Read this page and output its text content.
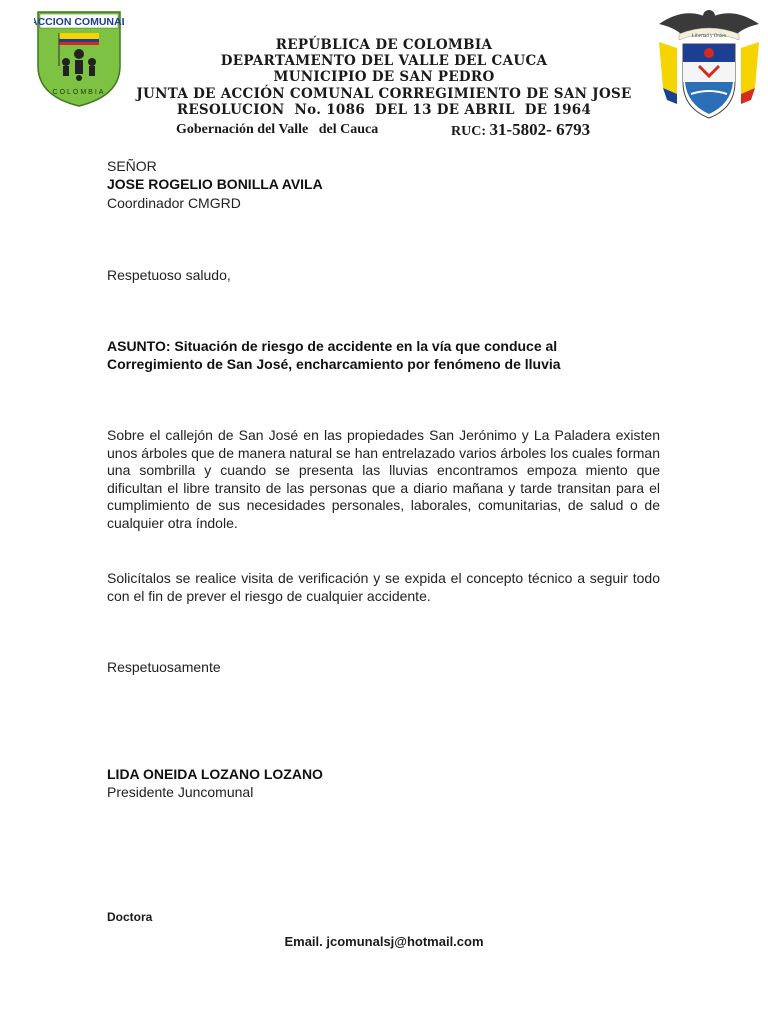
ACCION COMUNAL
COLOMBIA
Libertad y Orden
REPÚBLICA DE COLOMBIA
DEPARTAMENTO DEL VALLE DEL CAUCA
MUNICIPIO DE SAN PEDRO
JUNTA DE ACCIÓN COMUNAL CORREGIMIENTO DE SAN JOSE
RESOLUCION  No. 1086  DEL 13 DE ABRIL  DE 1964
Gobernación del Valle   del Cauca	RUC: 31-5802- 6793
SEÑOR
JOSE ROGELIO BONILLA AVILA
Coordinador CMGRD
Respetuoso saludo,
ASUNTO: Situación de riesgo de accidente en la vía que conduce al
Corregimiento de San José, encharcamiento por fenómeno de lluvia
Sobre el callejón de San José en las propiedades San Jerónimo y La Paladera existen unos árboles que de manera natural se han entrelazado varios árboles los cuales forman una sombrilla y cuando se presenta las lluvias encontramos empoza miento que dificultan el libre transito de las personas que a diario mañana y tarde transitan para el cumplimiento de sus necesidades personales, laborales, comunitarias, de salud o de cualquier otra índole.
Solicítalos se realice visita de verificación y se expida el concepto técnico a seguir todo con el fin de prever el riesgo de cualquier accidente.
Respetuosamente
LIDA ONEIDA LOZANO LOZANO
Presidente Juncomunal
Doctora
Email. jcomunalsj@hotmail.com
